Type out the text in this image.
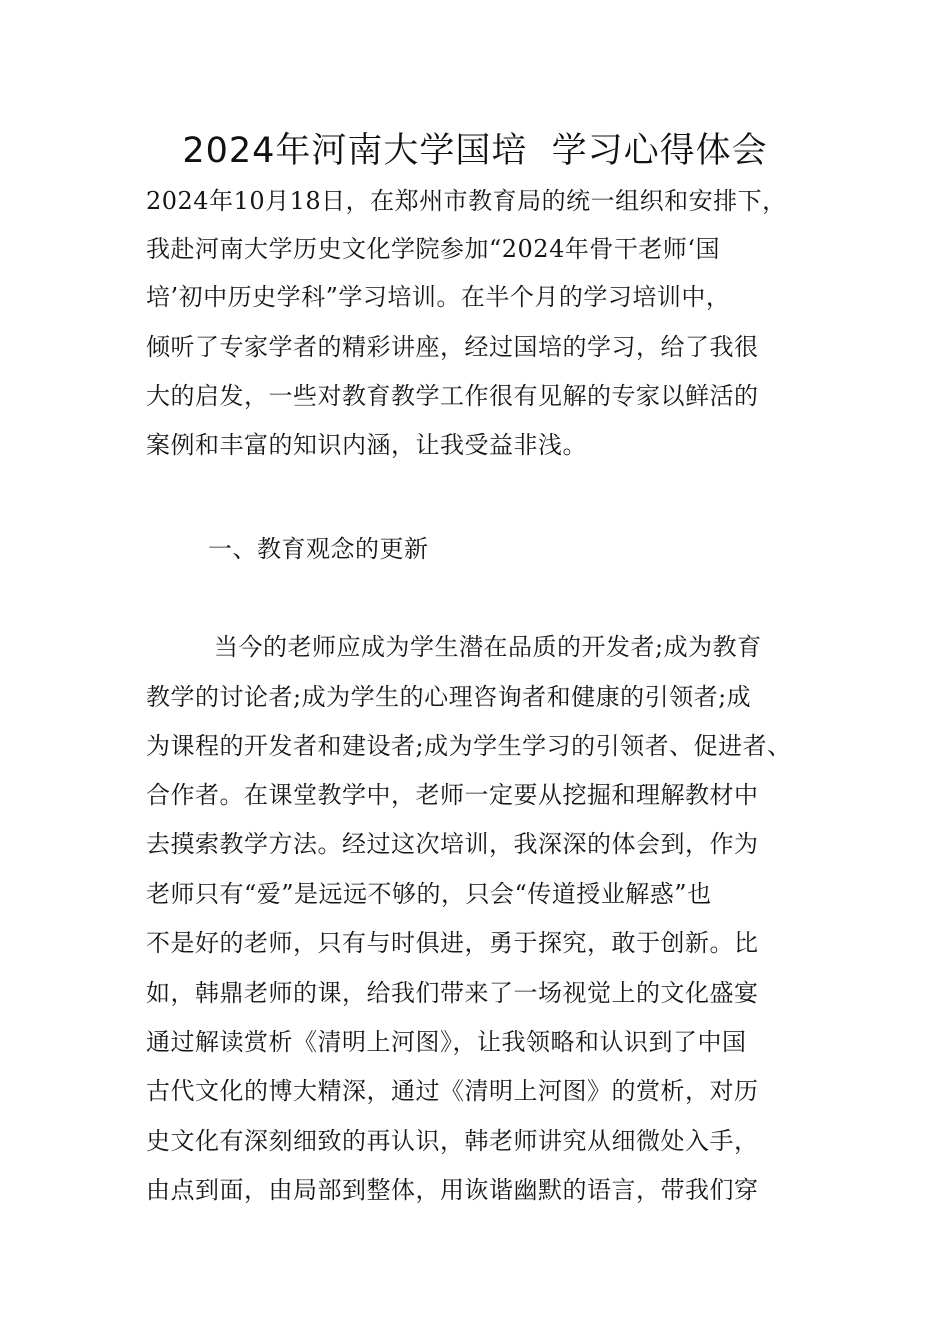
2024年河南大学国培  学习心得体会
2024年10月18日，在郑州市教育局的统一组织和安排下，
我赴河南大学历史文化学院参加“2024年骨干老师‘国
培’初中历史学科”学习培训。在半个月的学习培训中，
倾听了专家学者的精彩讲座，经过国培的学习，给了我很
大的启发，一些对教育教学工作很有见解的专家以鲜活的
案例和丰富的知识内涵，让我受益非浅。
一、教育观念的更新
当今的老师应成为学生潜在品质的开发者;成为教育
教学的讨论者;成为学生的心理咨询者和健康的引领者;成
为课程的开发者和建设者;成为学生学习的引领者、促进者、
合作者。在课堂教学中，老师一定要从挖掘和理解教材中
去摸索教学方法。经过这次培训，我深深的体会到，作为
老师只有“爱”是远远不够的，只会“传道授业解惑”也
不是好的老师，只有与时俱进，勇于探究，敢于创新。比
如，韩鼎老师的课，给我们带来了一场视觉上的文化盛宴
通过解读赏析《清明上河图》，让我领略和认识到了中国
古代文化的博大精深，通过《清明上河图》的赏析，对历
史文化有深刻细致的再认识，韩老师讲究从细微处入手，
由点到面，由局部到整体，用诙谐幽默的语言，带我们穿
